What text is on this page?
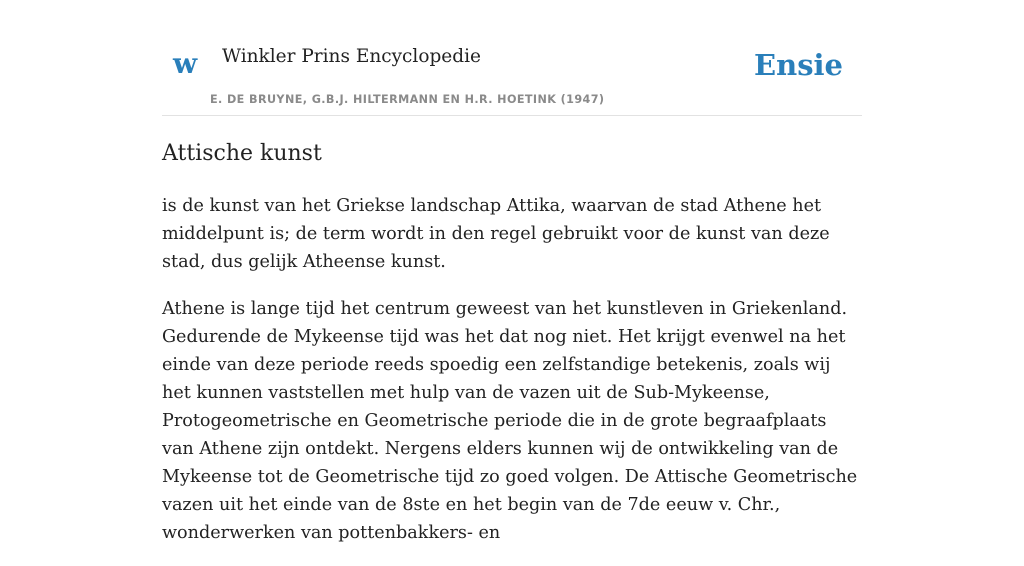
w Winkler Prins Encyclopedie
E. DE BRUYNE, G.B.J. HILTERMANN EN H.R. HOETINK (1947)
Ensie
Attische kunst

is de kunst van het Griekse landschap Attika, waarvan de stad Athene het middelpunt is; de term wordt in den regel gebruikt voor de kunst van deze stad, dus gelijk Atheense kunst.

Athene is lange tijd het centrum geweest van het kunstleven in Griekenland. Gedurende de Mykeense tijd was het dat nog niet. Het krijgt evenwel na het einde van deze periode reeds spoedig een zelfstandige betekenis, zoals wij het kunnen vaststellen met hulp van de vazen uit de Sub-Mykeense, Protogeometrische en Geometrische periode die in de grote begraafplaats van Athene zijn ontdekt. Nergens elders kunnen wij de ontwikkeling van de Mykeense tot de Geometrische tijd zo goed volgen. De Attische Geometrische vazen uit het einde van de 8ste en het begin van de 7de eeuw v. Chr., wonderwerken van pottenbakkers- en
